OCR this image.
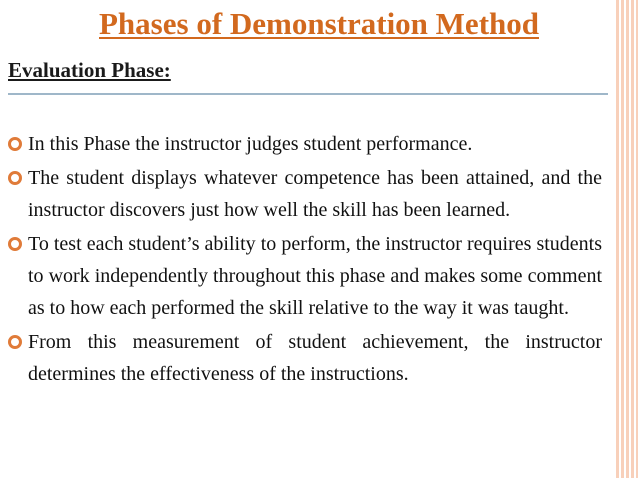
Phases of Demonstration Method
Evaluation Phase:
In this Phase the instructor judges student performance.
The student displays whatever competence has been attained, and the instructor discovers just how well the skill has been learned.
To test each student’s ability to perform, the instructor requires students to work independently throughout this phase and makes some comment as to how each performed the skill relative to the way it was taught.
From this measurement of student achievement, the instructor determines the effectiveness of the instructions.
